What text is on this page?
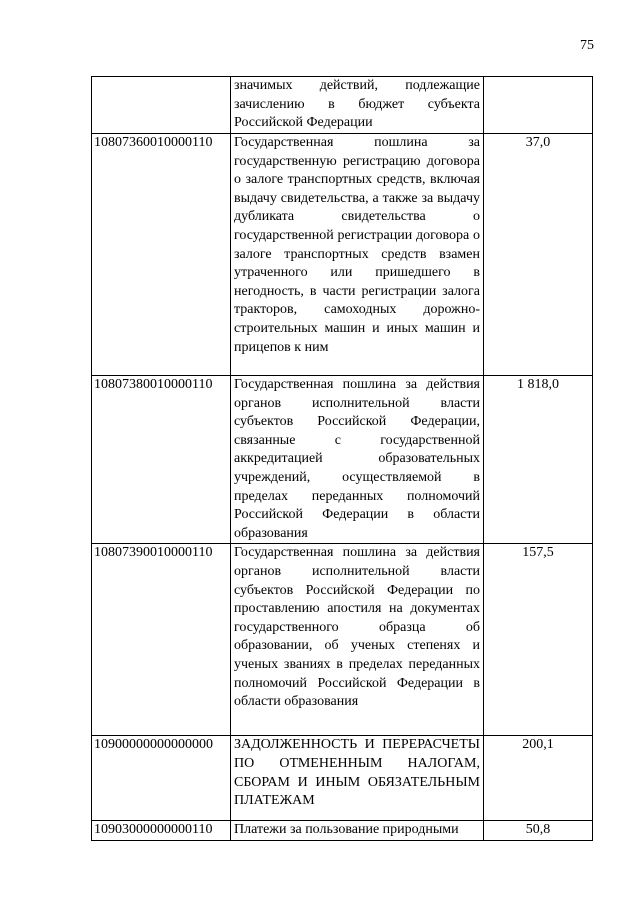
75
	значимых действий, подлежащие зачислению в бюджет субъекта Российской Федерации	
10807360010000110	Государственная пошлина за государственную регистрацию договора о залоге транспортных средств, включая выдачу свидетельства, а также за выдачу дубликата свидетельства о государственной регистрации договора о залоге транспортных средств взамен утраченного или пришедшего в негодность, в части регистрации залога тракторов, самоходных дорожно-строительных машин и иных машин и прицепов к ним	37,0
10807380010000110	Государственная пошлина за действия органов исполнительной власти субъектов Российской Федерации, связанные с государственной аккредитацией образовательных учреждений, осуществляемой в пределах переданных полномочий Российской Федерации в области образования	1 818,0
10807390010000110	Государственная пошлина за действия органов исполнительной власти субъектов Российской Федерации по проставлению апостиля на документах государственного образца об образовании, об ученых степенях и ученых званиях в пределах переданных полномочий Российской Федерации в области образования	157,5
10900000000000000	ЗАДОЛЖЕННОСТЬ И ПЕРЕРАСЧЕТЫ ПО ОТМЕНЕННЫМ НАЛОГАМ, СБОРАМ И ИНЫМ ОБЯЗАТЕЛЬНЫМ ПЛАТЕЖАМ	200,1
10903000000000110	Платежи за пользование природными	50,8
